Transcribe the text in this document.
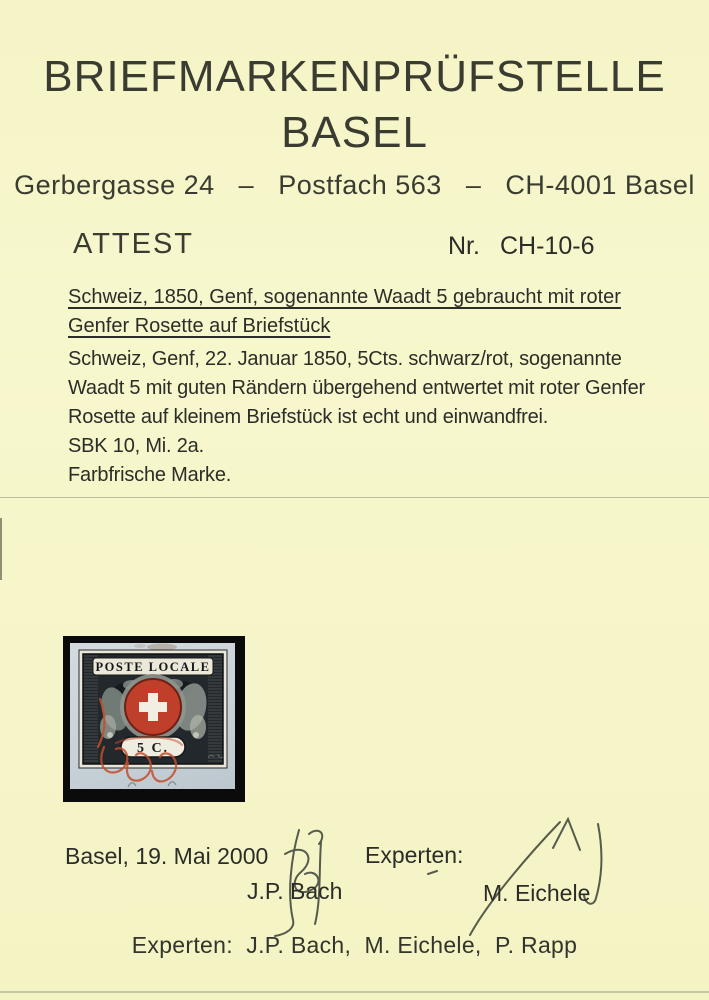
BRIEFMARKENPRÜFSTELLE
BASEL
Gerbergasse 24   –   Postfach 563   –   CH-4001 Basel
ATTEST	Nr. CH-10-6
Schweiz, 1850, Genf, sogenannte Waadt 5 gebraucht mit roter
Genfer Rosette auf Briefstück
Schweiz, Genf, 22. Januar 1850, 5Cts. schwarz/rot, sogenannte
Waadt 5 mit guten Rändern übergehend entwertet mit roter Genfer
Rosette auf kleinem Briefstück ist echt und einwandfrei.
SBK 10, Mi. 2a.
Farbfrische Marke.
POSTE LOCALE
5 C.
Basel, 19. Mai 2000	Experten:
J.P. Bach	M. Eichele
Experten:  J.P. Bach,  M. Eichele,  P. Rapp
